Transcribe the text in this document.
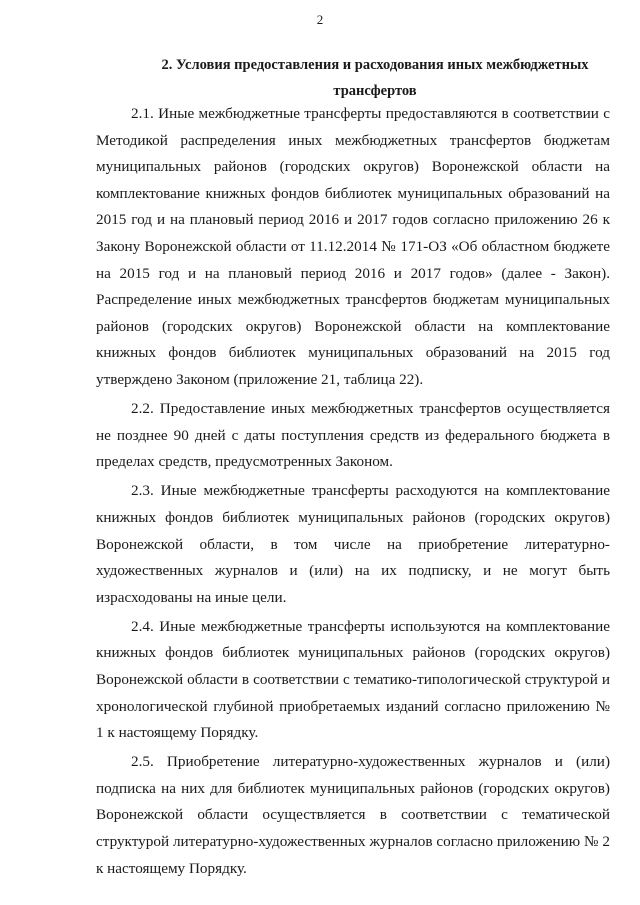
2
2. Условия предоставления и расходования иных межбюджетных трансфертов

2.1. Иные межбюджетные трансферты предоставляются в соответствии с Методикой распределения иных межбюджетных трансфертов бюджетам муниципальных районов (городских округов) Воронежской области на комплектование книжных фондов библиотек муниципальных образований на 2015 год и на плановый период 2016 и 2017 годов согласно приложению 26 к Закону Воронежской области от 11.12.2014 № 171-ОЗ «Об областном бюджете на 2015 год и на плановый период 2016 и 2017 годов» (далее - Закон). Распределение иных межбюджетных трансфертов бюджетам муниципальных районов (городских округов) Воронежской области на комплектование книжных фондов библиотек муниципальных образований на 2015 год утверждено Законом (приложение 21, таблица 22).

2.2. Предоставление иных межбюджетных трансфертов осуществляется не позднее 90 дней с даты поступления средств из федерального бюджета в пределах средств, предусмотренных Законом.

2.3. Иные межбюджетные трансферты расходуются на комплектование книжных фондов библиотек муниципальных районов (городских округов) Воронежской области, в том числе на приобретение литературно-художественных журналов и (или) на их подписку, и не могут быть израсходованы на иные цели.

2.4. Иные межбюджетные трансферты используются на комплектование книжных фондов библиотек муниципальных районов (городских округов) Воронежской области в соответствии с тематико-типологической структурой и хронологической глубиной приобретаемых изданий согласно приложению № 1 к настоящему Порядку.

2.5. Приобретение литературно-художественных журналов и (или) подписка на них для библиотек муниципальных районов (городских округов) Воронежской области осуществляется в соответствии с тематической структурой литературно-художественных журналов согласно приложению № 2 к настоящему Порядку.
